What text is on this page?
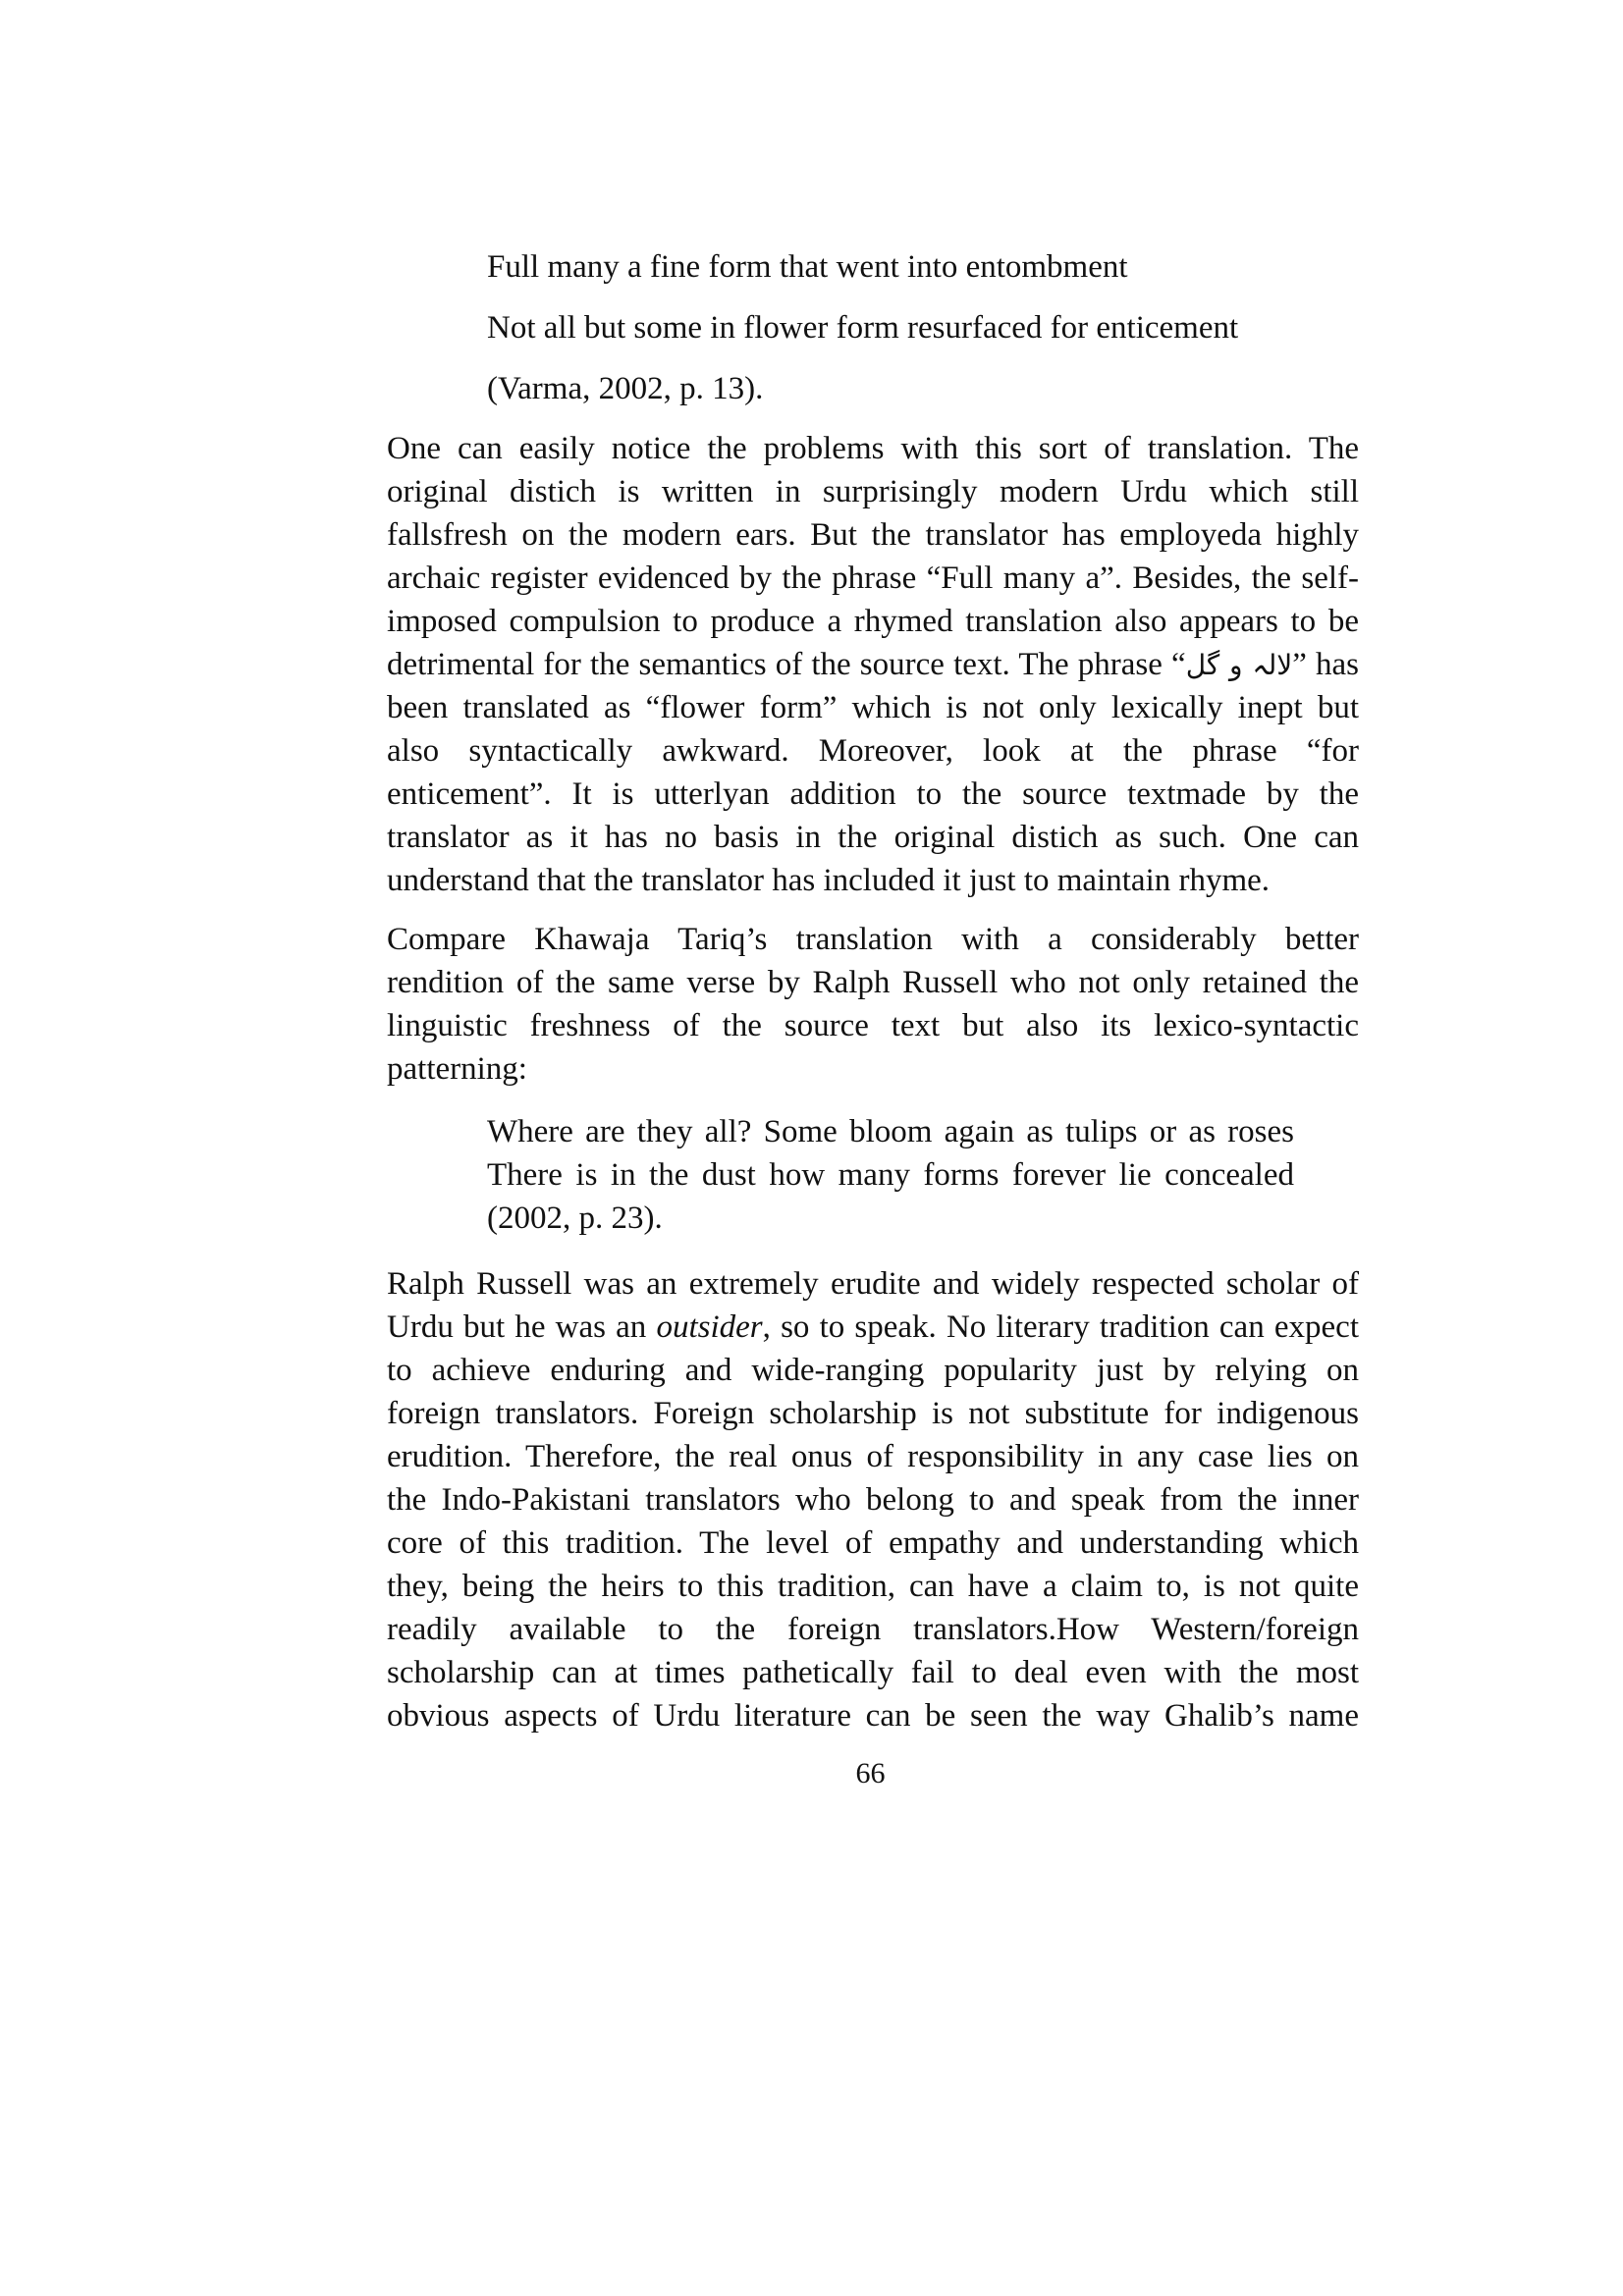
Full many a fine form that went into entombment
Not all but some in flower form resurfaced for enticement
(Varma, 2002, p. 13).
One can easily notice the problems with this sort of translation. The
original distich is written in surprisingly modern Urdu which still
fallsfresh on the modern ears. But the translator has employeda highly
archaic register evidenced by the phrase “Full many a”. Besides, the self-
imposed compulsion to produce a rhymed translation also appears to be
detrimental for the semantics of the source text. The phrase “لالہ و گل” has
been translated as “flower form” which is not only lexically inept but
also syntactically awkward. Moreover, look at the phrase “for
enticement”. It is utterlyan addition to the source textmade by the
translator as it has no basis in the original distich as such. One can
understand that the translator has included it just to maintain rhyme.
Compare Khawaja Tariq’s translation with a considerably better
rendition of the same verse by Ralph Russell who not only retained the
linguistic freshness of the source text but also its lexico-syntactic
patterning:
Where are they all? Some bloom again as tulips or as roses
There is in the dust how many forms forever lie concealed
(2002, p. 23).
Ralph Russell was an extremely erudite and widely respected scholar of
Urdu but he was an outsider, so to speak. No literary tradition can expect
to achieve enduring and wide-ranging popularity just by relying on
foreign translators. Foreign scholarship is not substitute for indigenous
erudition. Therefore, the real onus of responsibility in any case lies on
the Indo-Pakistani translators who belong to and speak from the inner
core of this tradition. The level of empathy and understanding which
they, being the heirs to this tradition, can have a claim to, is not quite
readily available to the foreign translators.How Western/foreign
scholarship can at times pathetically fail to deal even with the most
obvious aspects of Urdu literature can be seen the way Ghalib’s name
66
